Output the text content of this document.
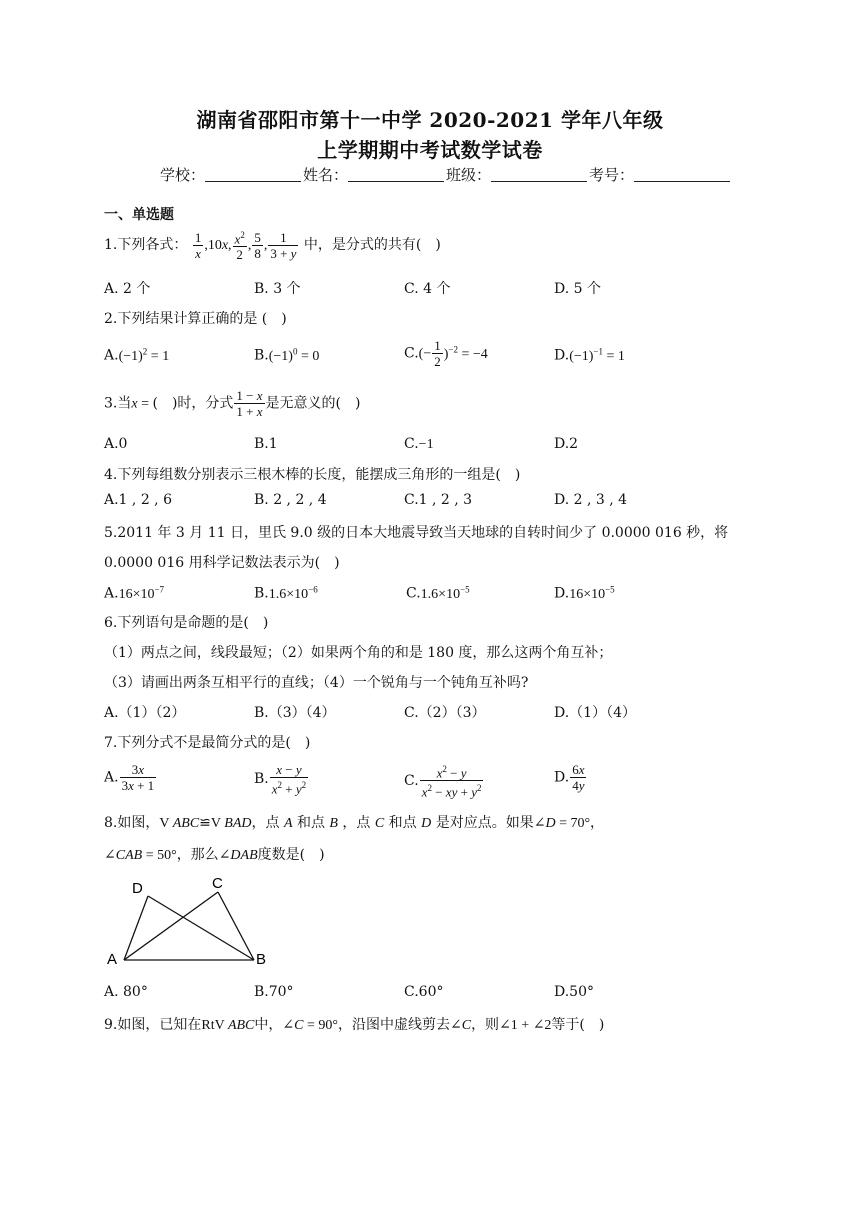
湖南省邵阳市第十一中学 2020-2021 学年八年级
上学期期中考试数学试卷
学校：	姓名：	班级：	考号：
一、单选题
1.下列各式： $\frac{1}{x} ,10x$, $\frac{x^2}{2}$ , $\frac{5}{8}$ , $\frac{1}{3 + y}$ 中，是分式的共有(　)
A. 2 个	B. 3 个	C. 4 个	D. 5 个
2.下列结果计算正确的是 (　)
$A.(-1)^2 = 1$	$B.(-1)^0 = 0$	$C.(- \frac{1}{2} )^{-2} = -4$	$D.(-1)^{-1} = 1$
3.当x = (　)时，分式 $\frac{1 - x}{1 + x}$ 是无意义的(　)
A.0	B.1	C.−1	D.2
4.下列每组数分别表示三根木棒的长度，能摆成三角形的一组是(　)
A.1 , 2 , 6	B. 2 , 2 , 4	C.1 , 2 , 3	D. 2 , 3 , 4
5.2011 年 3 月 11 日，里氏 9.0 级的日本大地震导致当天地球的自转时间少了 0.0000 016 秒，将
0.0000 016 用科学记数法表示为(　)
$A.16\times 10^{-7}$	$B.1.6\times 10^{-6}$	$C.1.6\times 10^{-5}$	$D.16\times 10^{-5}$
6.下列语句是命题的是(　)
（1）两点之间，线段最短；（2）如果两个角的和是 180 度，那么这两个角互补；
（3）请画出两条互相平行的直线；（4）一个锐角与一个钝角互补吗?
A.（1）（2）	B.（3）（4）	C.（2）（3）	D.（1）（4）
7.下列分式不是最简分式的是(　)
A. $\frac{3x}{3x + 1}$	B. $\frac{x - y}{x^2 + y^2}$	C. $\frac{x^2 - y}{x^2 - xy + y^2}$	D. $\frac{6x}{4y}$
8.如图，V ABC≌V BAD，点 A 和点 B ，点 C 和点 D 是对应点。如果∠D = 70°，
∠CAB = 50°，那么∠DAB度数是(　)
D	C
A	B
A. 80°	B.70°	C.60°	D.50°
9.如图，已知在RtV ABC中，∠C = 90°，沿图中虚线剪去∠C，则∠1 + ∠2等于(　)
